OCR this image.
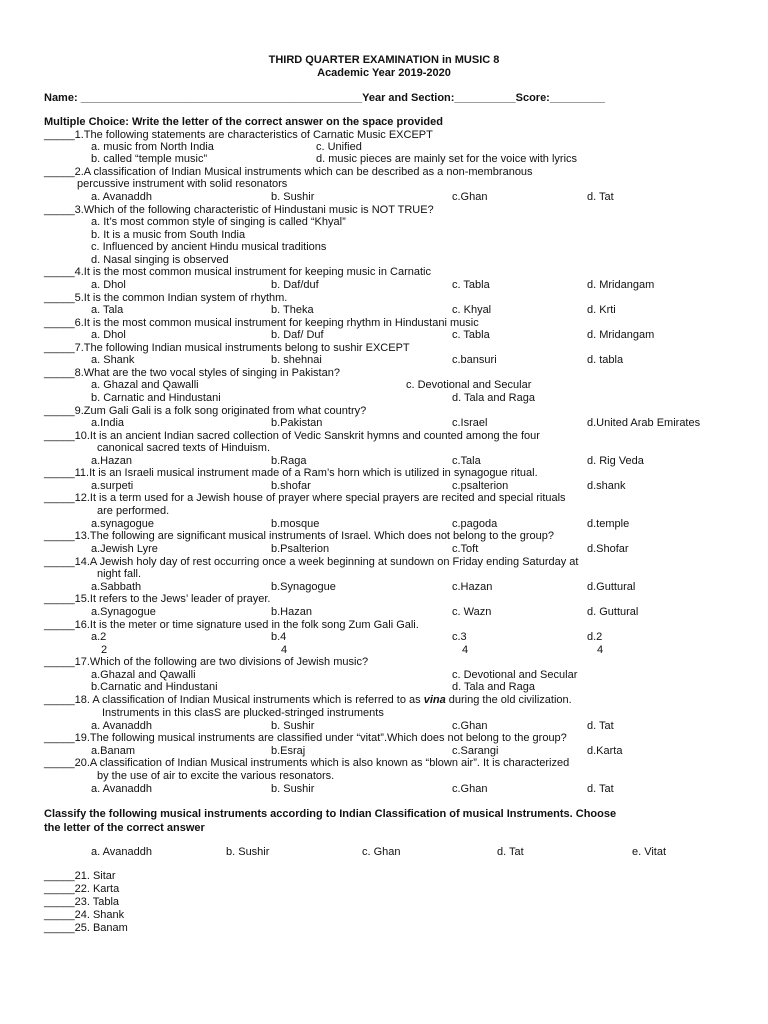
THIRD QUARTER EXAMINATION in MUSIC 8
Academic Year 2019-2020
Name: ______________________________________________Year and Section:__________Score:_________
Multiple Choice: Write the letter of the correct answer on the space provided
_____1.The following statements are characteristics of Carnatic Music EXCEPT
a. music from North India	c. Unified
b. called “temple music”	d. music pieces are mainly set for the voice with lyrics
_____2.A classification of Indian Musical instruments which can be described as a non-membranous
percussive instrument with solid resonators
a. Avanaddh	b. Sushir	c.Ghan	d. Tat
_____3.Which of the following characteristic of Hindustani music is NOT TRUE?
a. It’s most common style of singing is called “Khyal”
b. It is a music from South India
c. Influenced by ancient Hindu musical traditions
d. Nasal singing is observed
_____4.It is the most common musical instrument for keeping music in Carnatic
a. Dhol	b. Daf/duf	c. Tabla	d. Mridangam
_____5.It is the common Indian system of rhythm.
a. Tala	b. Theka	c. Khyal	d. Krti
_____6.It is the most common musical instrument for keeping rhythm in Hindustani music
a. Dhol	b. Daf/ Duf	c. Tabla	d. Mridangam
_____7.The following Indian musical instruments belong to sushir EXCEPT
a. Shank	b. shehnai	c.bansuri	d. tabla
_____8.What are the two vocal styles of singing in Pakistan?
a. Ghazal and Qawalli	c. Devotional and Secular
b. Carnatic and Hindustani	d. Tala and Raga
_____9.Zum Gali Gali is a folk song originated from what country?
a.India	b.Pakistan	c.Israel	d.United Arab Emirates
_____10.It is an ancient Indian sacred collection of Vedic Sanskrit hymns and counted among the four
canonical sacred texts of Hinduism.
a.Hazan	b.Raga	c.Tala	d. Rig Veda
_____11.It is an Israeli musical instrument made of a Ram’s horn which is utilized in synagogue ritual.
a.surpeti	b.shofar	c.psalterion	d.shank
_____12.It is a term used for a Jewish house of prayer where special prayers are recited and special rituals
are performed.
a.synagogue	b.mosque	c.pagoda	d.temple
_____13.The following are significant musical instruments of Israel. Which does not belong to the group?
a.Jewish Lyre	b.Psalterion	c.Toft	d.Shofar
_____14.A Jewish holy day of rest occurring once a week beginning at sundown on Friday ending Saturday at
night fall.
a.Sabbath	b.Synagogue	c.Hazan	d.Guttural
_____15.It refers to the Jews’ leader of prayer.
a.Synagogue	b.Hazan	c. Wazn	d. Guttural
_____16.It is the meter or time signature used in the folk song Zum Gali Gali.
a.2	b.4	c.3	d.2
2	4	4	4
_____17.Which of the following are two divisions of Jewish music?
a.Ghazal and Qawalli	c. Devotional and Secular
b.Carnatic and Hindustani	d. Tala and Raga
_____18. A classification of Indian Musical instruments which is referred to as vina during the old civilization.
Instruments in this clasS are plucked-stringed instruments
a. Avanaddh	b. Sushir	c.Ghan	d. Tat
_____19.The following musical instruments are classified under “vitat”.Which does not belong to the group?
a.Banam	b.Esraj	c.Sarangi	d.Karta
_____20.A classification of Indian Musical instruments which is also known as “blown air”. It is characterized
by the use of air to excite the various resonators.
a. Avanaddh	b. Sushir	c.Ghan	d. Tat
Classify the following musical instruments according to Indian Classification of musical Instruments. Choose
the letter of the correct answer
a. Avanaddh	b. Sushir	c. Ghan	d. Tat	e. Vitat
_____21. Sitar
_____22. Karta
_____23. Tabla
_____24. Shank
_____25. Banam
